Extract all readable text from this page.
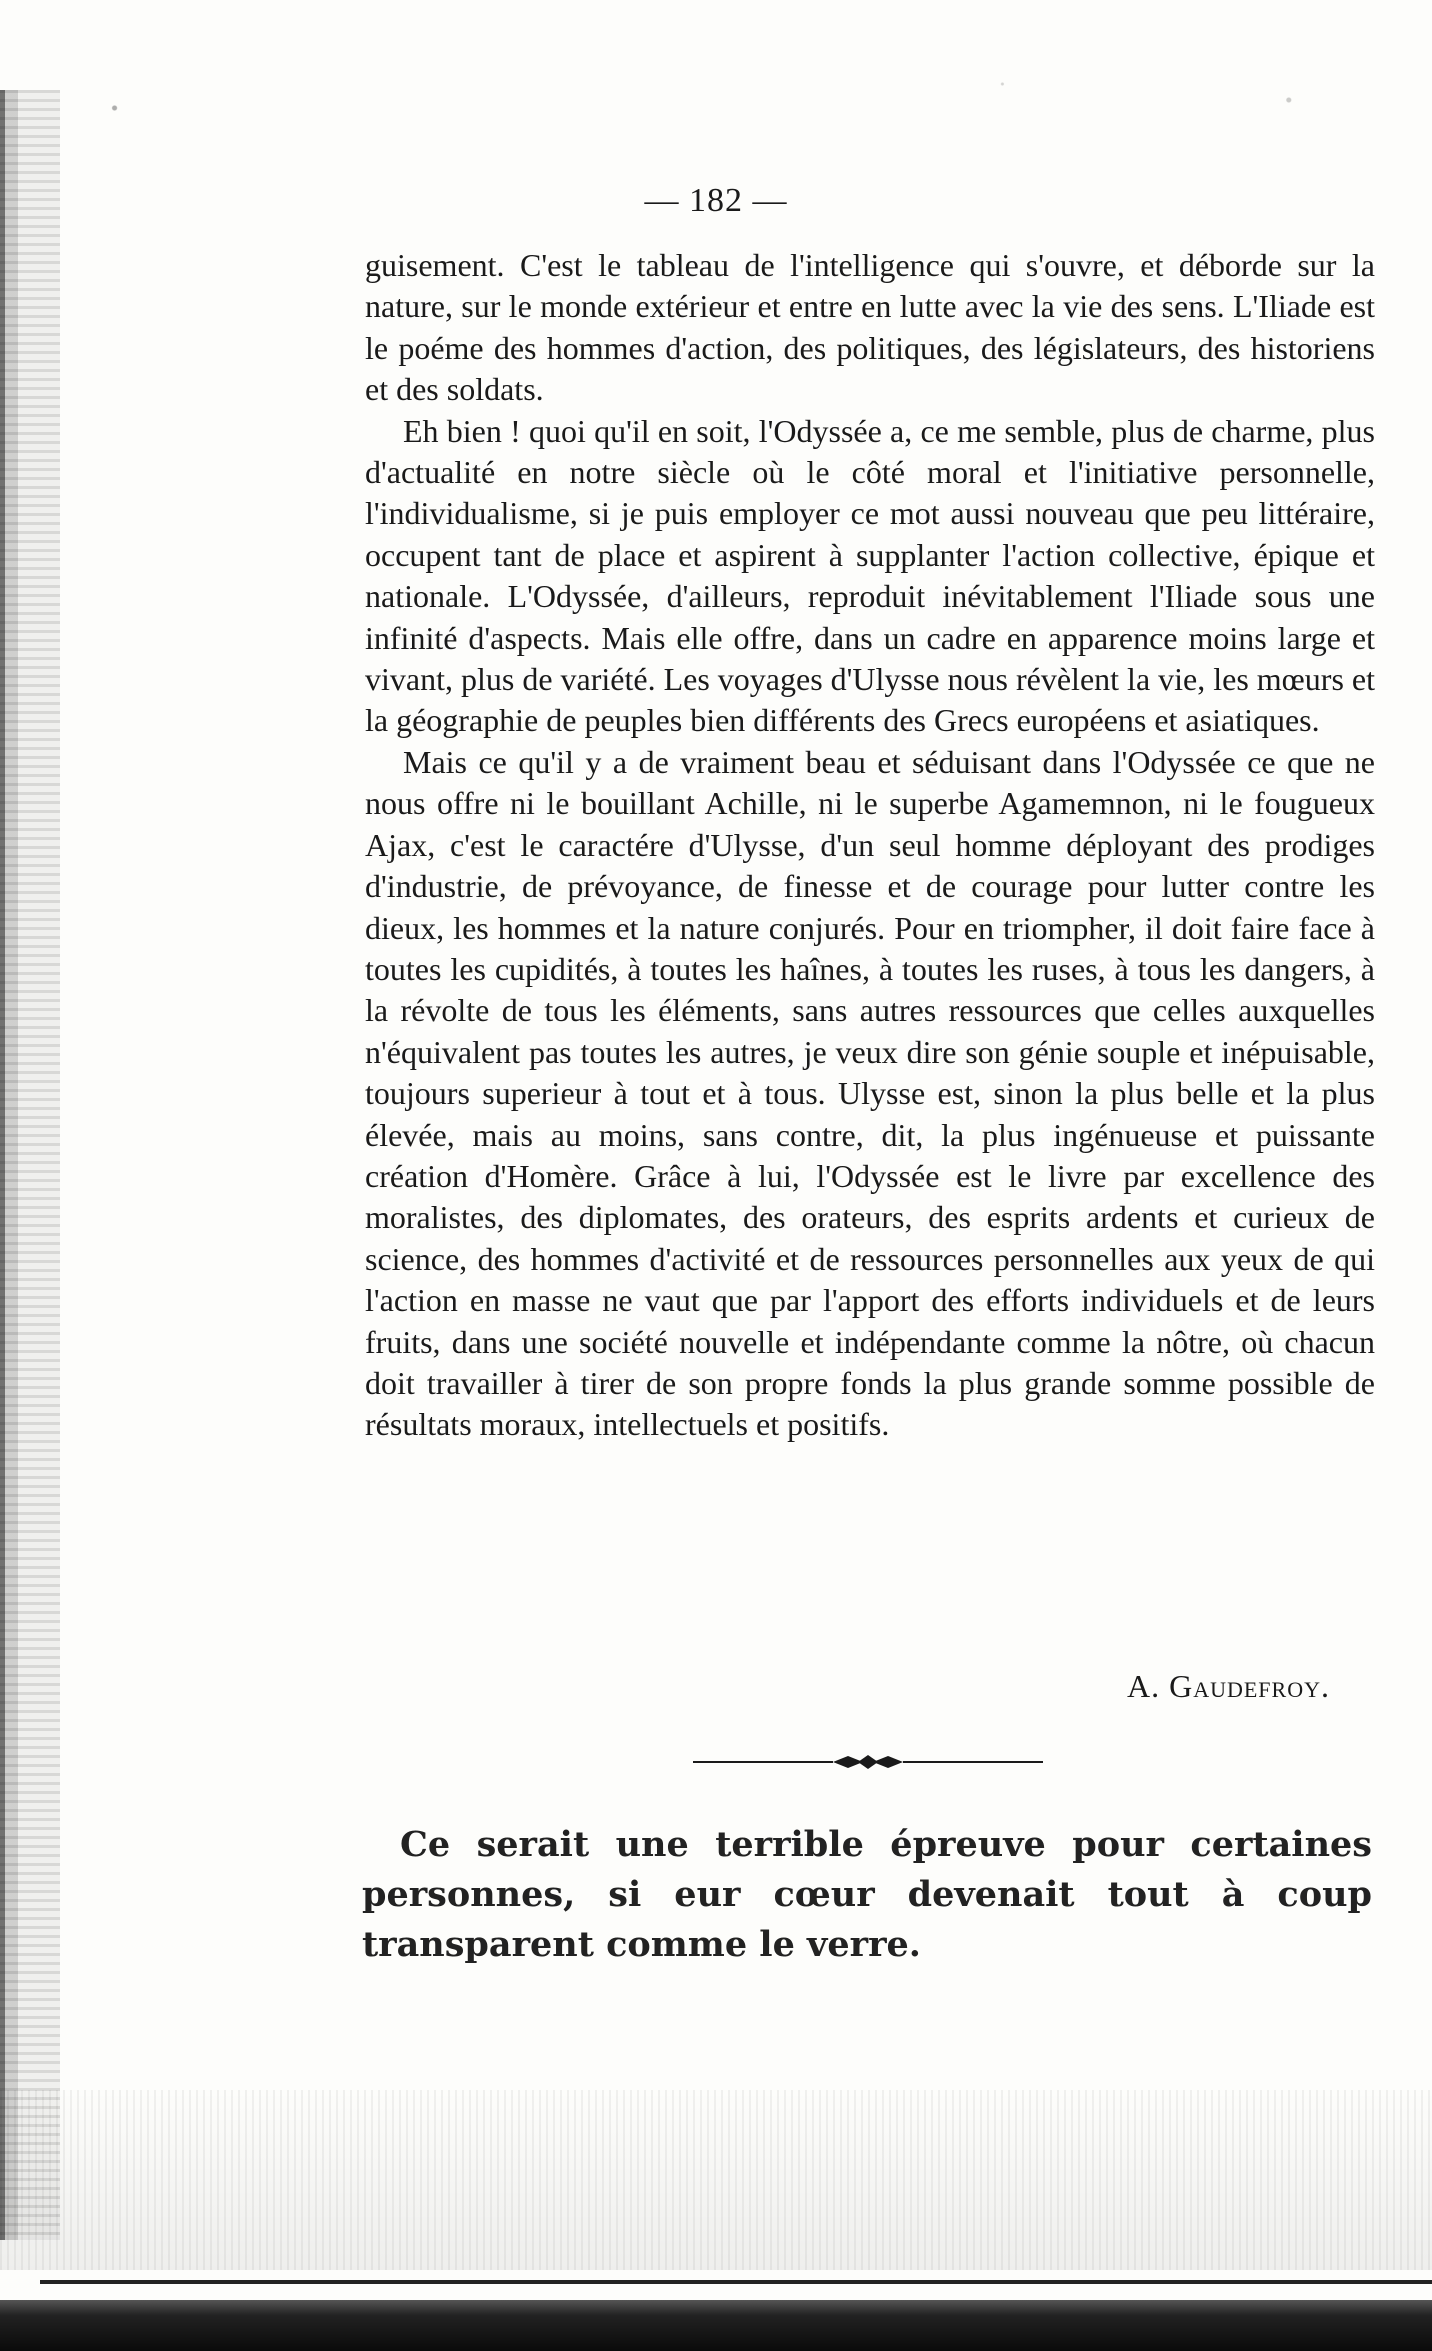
— 182 —

guisement. C'est le tableau de l'intelligence qui s'ouvre, et déborde sur la nature, sur le monde extérieur et entre en lutte avec la vie des sens. L'Iliade est le poéme des hommes d'action, des politiques, des législateurs, des historiens et des soldats.

Eh bien ! quoi qu'il en soit, l'Odyssée a, ce me semble, plus de charme, plus d'actualité en notre siècle où le côté moral et l'initiative personnelle, l'individualisme, si je puis employer ce mot aussi nouveau que peu littéraire, occupent tant de place et aspirent à supplanter l'action collective, épique et nationale. L'Odyssée, d'ailleurs, reproduit inévitablement l'Iliade sous une infinité d'aspects. Mais elle offre, dans un cadre en apparence moins large et vivant, plus de variété. Les voyages d'Ulysse nous révèlent la vie, les mœurs et la géographie de peuples bien différents des Grecs européens et asiatiques.

Mais ce qu'il y a de vraiment beau et séduisant dans l'Odyssée ce que ne nous offre ni le bouillant Achille, ni le superbe Agamemnon, ni le fougueux Ajax, c'est le caractére d'Ulysse, d'un seul homme déployant des prodiges d'industrie, de prévoyance, de finesse et de courage pour lutter contre les dieux, les hommes et la nature conjurés. Pour en triompher, il doit faire face à toutes les cupidités, à toutes les haînes, à toutes les ruses, à tous les dangers, à la révolte de tous les éléments, sans autres ressources que celles auxquelles n'équivalent pas toutes les autres, je veux dire son génie souple et inépuisable, toujours superieur à tout et à tous. Ulysse est, sinon la plus belle et la plus élevée, mais au moins, sans contre, dit, la plus ingénueuse et puissante création d'Homère. Grâce à lui, l'Odyssée est le livre par excellence des moralistes, des diplomates, des orateurs, des esprits ardents et curieux de science, des hommes d'activité et de ressources personnelles aux yeux de qui l'action en masse ne vaut que par l'apport des efforts individuels et de leurs fruits, dans une société nouvelle et indépendante comme la nôtre, où chacun doit travailler à tirer de son propre fonds la plus grande somme possible de résultats moraux, intellectuels et positifs.

A. Gaudefroy.

Ce serait une terrible épreuve pour certaines personnes, si eur cœur devenait tout à coup transparent comme le verre.
